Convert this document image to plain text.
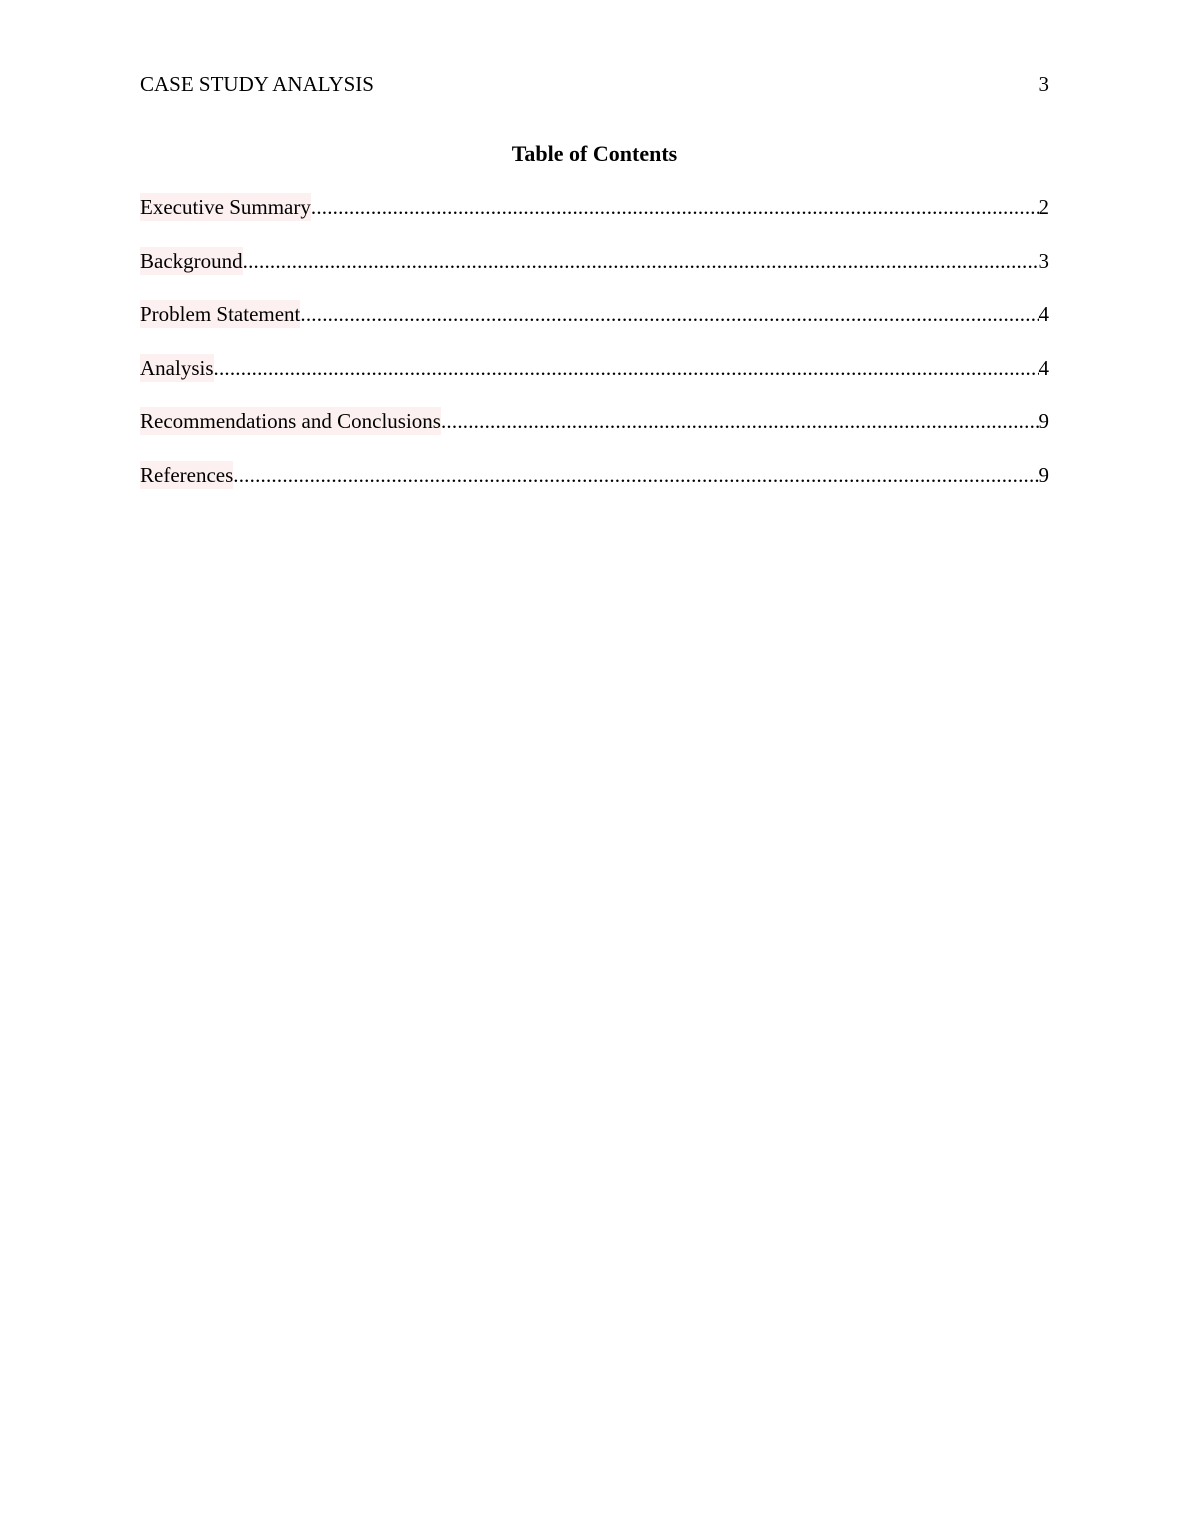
CASE STUDY ANALYSIS	3
Table of Contents
Executive Summary .....	2
Background .....	3
Problem Statement .....	4
Analysis .....	4
Recommendations and Conclusions .....	9
References .....	9
